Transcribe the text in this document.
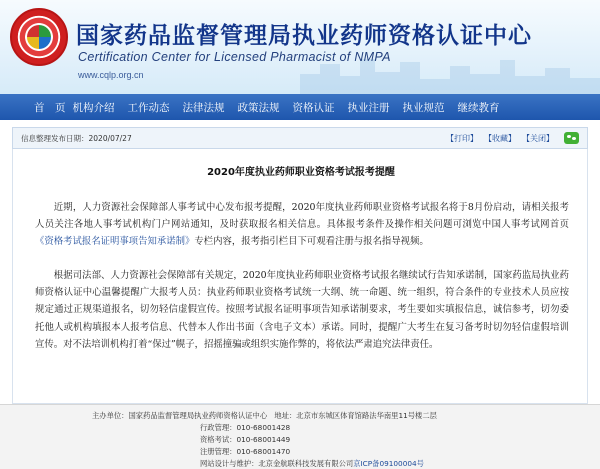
国家药品监督管理局执业药师资格认证中心
Certification Center for Licensed Pharmacist of NMPA
www.cqlp.org.cn
首　页 机构介绍	工作动态	法律法规	政策法规	资格认证	执业注册	执业规范	继续教育
信息整理发布日期：2020/07/27	【打印】 【收藏】 【关闭】
2020年度执业药师职业资格考试报考提醒

近期，人力资源社会保障部人事考试中心发布报考提醒，2020年度执业药师职业资格考试报名将于8月份启动，请相关报考人员关注各地人事考试机构门户网站通知，及时获取报名相关信息。具体报考条件及操作相关问题可浏览中国人事考试网首页《资格考试报名证明事项告知承诺制》专栏内容，报考指引栏目下可观看注册与报名指导视频。

根据司法部、人力资源社会保障部有关规定，2020年度执业药师职业资格考试报名继续试行告知承诺制，国家药监局执业药师资格认证中心温馨提醒广大报考人员：执业药师职业资格考试统一大纲、统一命题、统一组织，符合条件的专业技术人员应按规定通过正规渠道报名，切勿轻信虚假宣传。按照考试报名证明事项告知承诺制要求，考生要如实填报信息，诚信参考，切勿委托他人或机构填报本人报考信息、代替本人作出书面（含电子文本）承诺。同时，提醒广大考生在复习备考时切勿轻信虚假培训宣传。对不法培训机构打着“保过”幌子，招摇撞骗或组织实施作弊的，将依法严肃追究法律责任。

主办单位：国家药品监督管理局执业药师资格认证中心　地址：北京市东城区体育馆路法华南里11号楼二层
行政管理：010-68001428
资格考试：010-68001449
注册管理：010-68001470
网站设计与维护：北京金航联科技发展有限公司京ICP备09100004号
